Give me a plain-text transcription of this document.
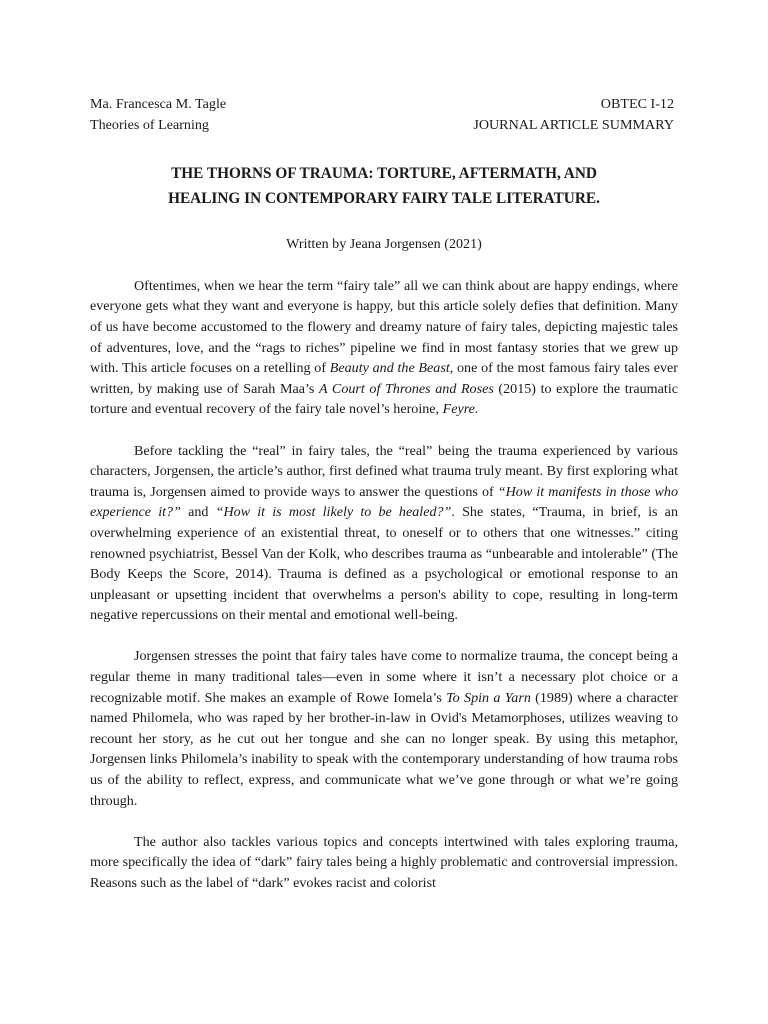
Ma. Francesca M. Tagle	OBTEC I-12
Theories of Learning	JOURNAL ARTICLE SUMMARY
THE THORNS OF TRAUMA: TORTURE, AFTERMATH, AND
HEALING IN CONTEMPORARY FAIRY TALE LITERATURE.
Written by Jeana Jorgensen (2021)

Oftentimes, when we hear the term “fairy tale” all we can think about are happy endings, where everyone gets what they want and everyone is happy, but this article solely defies that definition. Many of us have become accustomed to the flowery and dreamy nature of fairy tales, depicting majestic tales of adventures, love, and the “rags to riches” pipeline we find in most fantasy stories that we grew up with. This article focuses on a retelling of Beauty and the Beast, one of the most famous fairy tales ever written, by making use of Sarah Maa’s A Court of Thrones and Roses (2015) to explore the traumatic torture and eventual recovery of the fairy tale novel’s heroine, Feyre.

Before tackling the “real” in fairy tales, the “real” being the trauma experienced by various characters, Jorgensen, the article’s author, first defined what trauma truly meant. By first exploring what trauma is, Jorgensen aimed to provide ways to answer the questions of “How it manifests in those who experience it?” and “How it is most likely to be healed?”. She states, “Trauma, in brief, is an overwhelming experience of an existential threat, to oneself or to others that one witnesses.” citing renowned psychiatrist, Bessel Van der Kolk, who describes trauma as “unbearable and intolerable” (The Body Keeps the Score, 2014). Trauma is defined as a psychological or emotional response to an unpleasant or upsetting incident that overwhelms a person's ability to cope, resulting in long-term negative repercussions on their mental and emotional well-being.

Jorgensen stresses the point that fairy tales have come to normalize trauma, the concept being a regular theme in many traditional tales—even in some where it isn’t a necessary plot choice or a recognizable motif. She makes an example of Rowe Iomela’s To Spin a Yarn (1989) where a character named Philomela, who was raped by her brother-in-law in Ovid's Metamorphoses, utilizes weaving to recount her story, as he cut out her tongue and she can no longer speak. By using this metaphor, Jorgensen links Philomela’s inability to speak with the contemporary understanding of how trauma robs us of the ability to reflect, express, and communicate what we’ve gone through or what we’re going through.

The author also tackles various topics and concepts intertwined with tales exploring trauma, more specifically the idea of “dark” fairy tales being a highly problematic and controversial impression. Reasons such as the label of “dark” evokes racist and colorist
